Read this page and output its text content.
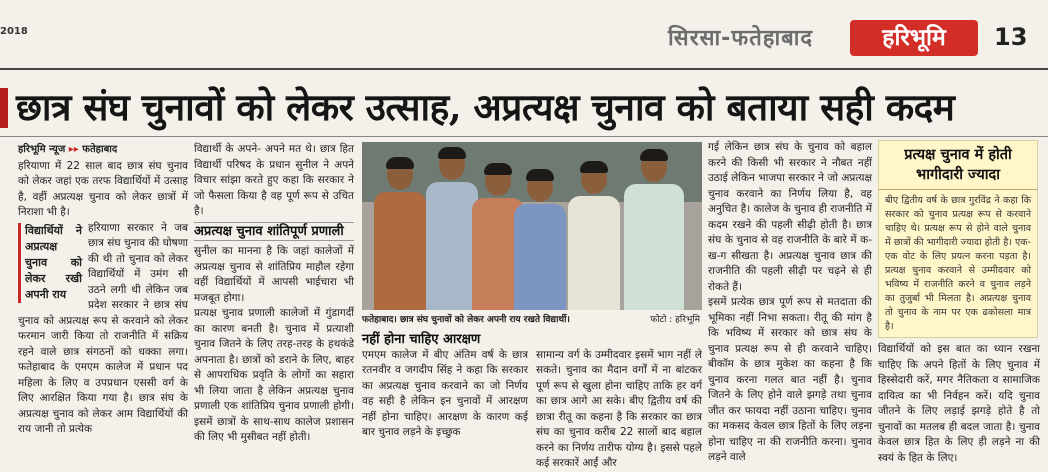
2018	सिरसा-फतेहाबाद	हरिभूमि	13
छात्र संघ चुनावों को लेकर उत्साह, अप्रत्यक्ष चुनाव को बताया सही कदम
हरिभूमि न्यूज ▸▸ फतेहाबाद

हरियाणा में 22 साल बाद छात्र संघ चुनाव को लेकर जहां एक तरफ विद्यार्थियों में उत्साह है, वहीं अप्रत्यक्ष चुनाव को लेकर छात्रों में निराशा भी है।

विद्यार्थियों ने अप्रत्यक्ष चुनाव को लेकर रखी अपनी राय

हरियाणा सरकार ने जब छात्र संघ चुनाव की घोषणा की थी तो चुनाव को लेकर विद्यार्थियों में उमंग सी उठने लगी थी लेकिन जब प्रदेश सरकार ने छात्र संघ चुनाव को अप्रत्यक्ष रूप से करवाने को लेकर फरमान जारी किया तो राजनीति में सक्रिय रहने वाले छात्र संगठनों को धक्का लगा। फतेहाबाद के एमएम कालेज में प्रधान पद महिला के लिए व उपप्रधान एससी वर्ग के लिए आरक्षित किया गया है। छात्र संघ के अप्रत्यक्ष चुनाव को लेकर आम विद्यार्थियों की राय जानी तो प्रत्येक

विद्यार्थी के अपने- अपने मत थे। छात्र हित विद्यार्थी परिषद के प्रधान सुनील ने अपने विचार सांझा करते हुए कहा कि सरकार ने जो फैसला किया है वह पूर्ण रूप से उचित है।

अप्रत्यक्ष चुनाव शांतिपूर्ण प्रणाली

सुनील का मानना है कि जहां कालेजों में अप्रत्यक्ष चुनाव से शांतिप्रिय माहौल रहेगा वहीं विद्यार्थियों में आपसी भाईचारा भी मजबूत होगा।

प्रत्यक्ष चुनाव प्रणाली कालेजों में गुंडागर्दी का कारण बनती है। चुनाव में प्रत्याशी चुनाव जितने के लिए तरह-तरह के हथकंडे अपनाता है। छात्रों को डराने के लिए, बाहर से आपराधिक प्रवृति के लोगों का सहारा भी लिया जाता है लेकिन अप्रत्यक्ष चुनाव प्रणाली एक शांतिप्रिय चुनाव प्रणाली होगी। इसमें छात्रों के साथ-साथ कालेज प्रशासन की लिए भी मुसीबत नहीं होती।

फतेहाबाद। छात्र संघ चुनावों को लेकर अपनी राय रखते विद्यार्थी।	फोटो : हरिभूमि
नहीं होना चाहिए आरक्षण

एमएम कालेज में बीए अंतिम वर्ष के छात्र रतनवीर व जगदीप सिंह ने कहा कि सरकार का अप्रत्यक्ष चुनाव करवाने का जो निर्णय वह सही है लेकिन इन चुनावों में आरक्षण नहीं होना चाहिए। आरक्षण के कारण कई बार चुनाव लड़ने के इच्छुक

सामान्य वर्ग के उम्मीदवार इसमें भाग नहीं ले सकते। चुनाव का मैदान वर्गों में ना बांटकर पूर्ण रूप से खुला होना चाहिए ताकि हर वर्ग का छात्र आगे आ सके। बीए द्वितीय वर्ष की छात्रा रीतू का कहना है कि सरकार का छात्र संघ का चुनाव करीब 22 सालों बाद बहाल करने का निर्णय तारीफ योग्य है। इससे पहले कई सरकारें आईं और

गई लेकिन छात्र संघ के चुनाव को बहाल करने की किसी भी सरकार ने नौबत नहीं उठाई लेकिन भाजपा सरकार ने जो अप्रत्यक्ष चुनाव करवाने का निर्णय लिया है, वह अनुचित है। कालेज के चुनाव ही राजनीति में कदम रखने की पहली सीढ़ी होती है। छात्र संघ के चुनाव से वह राजनीति के बारे में क-ख-ग सीखता है। अप्रत्यक्ष चुनाव छात्र की राजनीति की पहली सीढ़ी पर चढ़ने से ही रोकते हैं।

इसमें प्रत्येक छात्र पूर्ण रूप से मतदाता की भूमिका नहीं निभा सकता। रीतू की मांग है कि भविष्य में सरकार को छात्र संघ के चुनाव प्रत्यक्ष रूप से ही करवाने चाहिए। बीकॉम के छात्र मुकेश का कहना है कि चुनाव करना गलत बात नहीं है। चुनाव जितने के लिए होने वाले झगड़े तथा चुनाव जीत कर फायदा नहीं उठाना चाहिए। चुनाव का मकसद केवल छात्र हितों के लिए लड़ना होना चाहिए ना की राजनीति करना। चुनाव लड़ने वाले

प्रत्यक्ष चुनाव में होती भागीदारी ज्यादा
बीए द्वितीय वर्ष के छात्र गुरविंद्र ने कहा कि सरकार को चुनाव प्रत्यक्ष रूप से करवाने चाहिए थे। प्रत्यक्ष रूप से होने वाले चुनाव में छात्रों की भागीदारी ज्यादा होती है। एक-एक वोट के लिए प्रयत्न करना पड़ता है। प्रत्यक्ष चुनाव करवाने से उम्मीदवार को भविष्य में राजनीति करने व चुनाव लड़ने का तुजुर्बा भी मिलता है। अप्रत्यक्ष चुनाव तो चुनाव के नाम पर एक ढकोसला मात्र है।

विद्यार्थियों को इस बात का ध्यान रखना चाहिए कि अपने हितों के लिए चुनाव में हिस्सेदारी करें, मगर नैतिकता व सामाजिक दायित्व का भी निर्वहन करें। यदि चुनाव जीतने के लिए लड़ाई झगड़े होते है तो चुनावों का मतलब ही बदल जाता है। चुनाव केवल छात्र हित के लिए ही लड़ने ना की स्वयं के हित के लिए।
